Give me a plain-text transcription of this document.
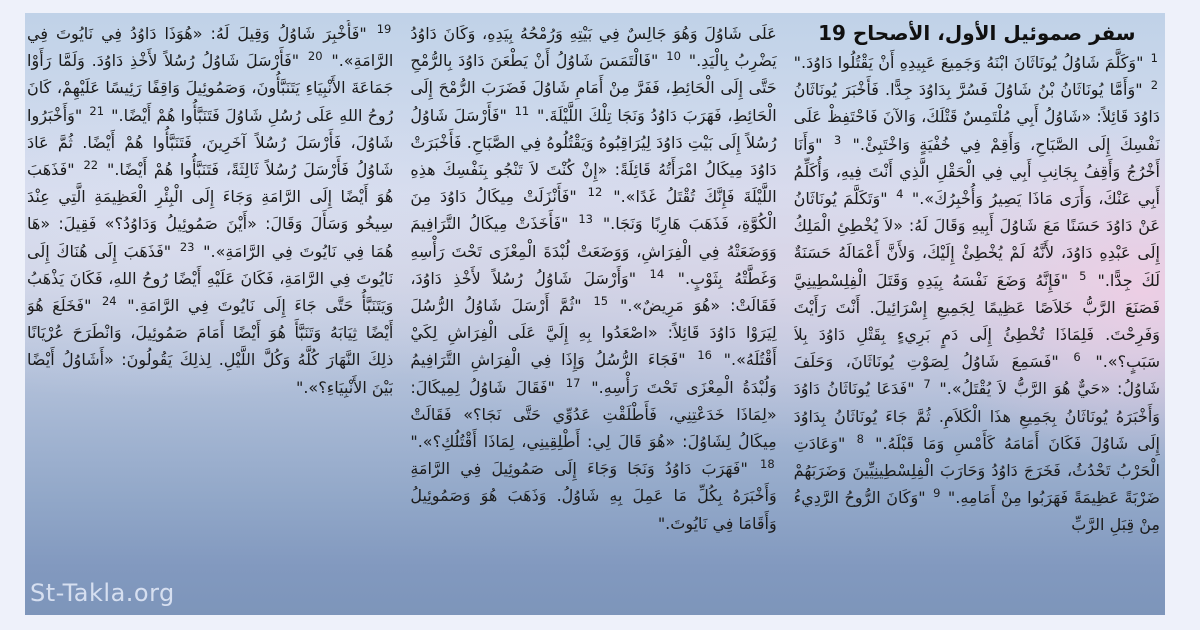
سفر صموئيل الأول، الأصحاح 19
$^1$ "وَكَلَّمَ شَاوُلُ يُونَاثَانَ ابْنَهُ وَجَمِيعَ عَبِيدِهِ أَنْ يَقْتُلُوا دَاوُدَ." $^2$ "وَأَمَّا يُونَاثَانُ بْنُ شَاوُلَ فَسُرَّ بِدَاوُدَ جِدًّا. فَأَخْبَرَ يُونَاثَانُ دَاوُدَ قَائِلاً: «شَاوُلُ أَبِي مُلْتَمِسٌ قَتْلَكَ، وَالآنَ فَاحْتَفِظْ عَلَى نَفْسِكَ إِلَى الصَّبَاحِ، وَأَقِمْ فِي خُفْيَةٍ وَاخْتَبِئْ." $^3$ "وَأَنَا أَخْرُجُ وَأَقِفُ بِجَانِبِ أَبِي فِي الْحَقْلِ الَّذِي أَنْتَ فِيهِ، وَأُكَلِّمُ أَبِي عَنْكَ، وَأَرَى مَاذَا يَصِيرُ وَأُخْبِرُكَ»." $^4$ "وَتَكَلَّمَ يُونَاثَانُ عَنْ دَاوُدَ حَسَنًا مَعَ شَاوُلَ أَبِيهِ وَقَالَ لَهُ: «لاَ يُخْطِئِ الْمَلِكُ إِلَى عَبْدِهِ دَاوُدَ، لأَنَّهُ لَمْ يُخْطِئْ إِلَيْكَ، وَلأَنَّ أَعْمَالَهُ حَسَنَةٌ لَكَ جِدًّا." $^5$ "فَإِنَّهُ وَضَعَ نَفْسَهُ بِيَدِهِ وَقَتَلَ الْفِلِسْطِينِيَّ فَصَنَعَ الرَّبُّ خَلاَصًا عَظِيمًا لِجَمِيعِ إِسْرَائِيلَ. أَنْتَ رَأَيْتَ وَفَرِحْتَ. فَلِمَاذَا تُخْطِئُ إِلَى دَمٍ بَرِيءٍ بِقَتْلِ دَاوُدَ بِلاَ سَبَبٍ؟»." $^6$ "فَسَمِعَ شَاوُلُ لِصَوْتِ يُونَاثَانَ، وَحَلَفَ شَاوُلُ: «حَيٌّ هُوَ الرَّبُّ لاَ يُقْتَلُ»." $^7$ "فَدَعَا يُونَاثَانُ دَاوُدَ وَأَخْبَرَهُ يُونَاثَانُ بِجَمِيعِ هذَا الْكَلاَمِ. ثُمَّ جَاءَ يُونَاثَانُ بِدَاوُدَ إِلَى شَاوُلَ فَكَانَ أَمَامَهُ كَأَمْسِ وَمَا قَبْلَهُ." $^8$ "وَعَادَتِ الْحَرْبُ تَحْدُثُ، فَخَرَجَ دَاوُدُ وَحَارَبَ الْفِلِسْطِينِيِّينَ وَضَرَبَهُمْ ضَرْبَةً عَظِيمَةً فَهَرَبُوا مِنْ أَمَامِهِ." $^9$ "وَكَانَ الرُّوحُ الرَّدِيءُ مِنْ قِبَلِ الرَّبِّ
عَلَى شَاوُلَ وَهُوَ جَالِسٌ فِي بَيْتِهِ وَرُمْحُهُ بِيَدِهِ، وَكَانَ دَاوُدُ يَضْرِبُ بِالْيَدِ." $^{10}$ "فَالْتَمَسَ شَاوُلُ أَنْ يَطْعَنَ دَاوُدَ بِالرُّمْحِ حَتَّى إِلَى الْحَائِطِ، فَفَرَّ مِنْ أَمَامِ شَاوُلَ فَضَرَبَ الرُّمْحَ إِلَى الْحَائِطِ، فَهَرَبَ دَاوُدُ وَنَجَا تِلْكَ اللَّيْلَةَ." $^{11}$ "فَأَرْسَلَ شَاوُلُ رُسُلاً إِلَى بَيْتِ دَاوُدَ لِيُرَاقِبُوهُ وَيَقْتُلُوهُ فِي الصَّبَاحِ. فَأَخْبَرَتْ دَاوُدَ مِيكَالُ امْرَأَتُهُ قَائِلَةً: «إِنْ كُنْتَ لاَ تَنْجُو بِنَفْسِكَ هذِهِ اللَّيْلَةَ فَإِنَّكَ تُقْتَلُ غَدًا»." $^{12}$ "فَأَنْزَلَتْ مِيكَالُ دَاوُدَ مِنَ الْكُوَّةِ، فَذَهَبَ هَارِبًا وَنَجَا." $^{13}$ "فَأَخَذَتْ مِيكَالُ التَّرَافِيمَ وَوَضَعَتْهُ فِي الْفِرَاشِ، وَوَضَعَتْ لُبْدَةَ الْمِعْزَى تَحْتَ رَأْسِهِ وَغَطَّتْهُ بِثَوْبٍ." $^{14}$ "وَأَرْسَلَ شَاوُلُ رُسُلاً لأَخْذِ دَاوُدَ، فَقَالَتْ: «هُوَ مَرِيضٌ»." $^{15}$ "ثُمَّ أَرْسَلَ شَاوُلُ الرُّسُلَ لِيَرَوْا دَاوُدَ قَائِلاً: «اصْعَدُوا بِهِ إِلَيَّ عَلَى الْفِرَاشِ لِكَيْ أَقْتُلَهُ»." $^{16}$ "فَجَاءَ الرُّسُلُ وَإِذَا فِي الْفِرَاشِ التَّرَافِيمُ وَلُبْدَةُ الْمِعْزَى تَحْتَ رَأْسِهِ." $^{17}$ "فَقَالَ شَاوُلُ لِمِيكَالَ: «لِمَاذَا خَدَعْتِنِي، فَأَطْلَقْتِ عَدُوِّي حَتَّى نَجَا؟» فَقَالَتْ مِيكَالُ لِشَاوُلَ: «هُوَ قَالَ لِي: أَطْلِقِينِي، لِمَاذَا أَقْتُلُكِ؟»." $^{18}$ "فَهَرَبَ دَاوُدُ وَنَجَا وَجَاءَ إِلَى صَمُوئِيلَ فِي الرَّامَةِ وَأَخْبَرَهُ بِكُلِّ مَا عَمِلَ بِهِ شَاوُلُ. وَذَهَبَ هُوَ وَصَمُوئِيلُ وَأَقَامَا فِي نَايُوتَ."
$^{19}$ "فَأُخْبِرَ شَاوُلُ وَقِيلَ لَهُ: «هُوَذَا دَاوُدُ فِي نَايُوتَ فِي الرَّامَةِ»." $^{20}$ "فَأَرْسَلَ شَاوُلُ رُسُلاً لأَخْذِ دَاوُدَ. وَلَمَّا رَأَوْا جَمَاعَةَ الأَنْبِيَاءِ يَتَنَبَّأُونَ، وَصَمُوئِيلَ وَاقِفًا رَئِيسًا عَلَيْهِمْ، كَانَ رُوحُ اللهِ عَلَى رُسُلِ شَاوُلَ فَتَنَبَّأُوا هُمْ أَيْضًا." $^{21}$ "وَأَخْبَرُوا شَاوُلَ، فَأَرْسَلَ رُسُلاً آخَرِينَ، فَتَنَبَّأُوا هُمْ أَيْضًا. ثُمَّ عَادَ شَاوُلُ فَأَرْسَلَ رُسُلاً ثَالِثَةً، فَتَنَبَّأُوا هُمْ أَيْضًا." $^{22}$ "فَذَهَبَ هُوَ أَيْضًا إِلَى الرَّامَةِ وَجَاءَ إِلَى الْبِئْرِ الْعَظِيمَةِ الَّتِي عِنْدَ سِيخُو وَسَأَلَ وَقَالَ: «أَيْنَ صَمُوئِيلُ وَدَاوُدُ؟» فَقِيلَ: «هَا هُمَا فِي نَايُوتَ فِي الرَّامَةِ»." $^{23}$ "فَذَهَبَ إِلَى هُنَاكَ إِلَى نَايُوتَ فِي الرَّامَةِ، فَكَانَ عَلَيْهِ أَيْضًا رُوحُ اللهِ، فَكَانَ يَذْهَبُ وَيَتَنَبَّأُ حَتَّى جَاءَ إِلَى نَايُوتَ فِي الرَّامَةِ." $^{24}$ "فَخَلَعَ هُوَ أَيْضًا ثِيَابَهُ وَتَنَبَّأَ هُوَ أَيْضًا أَمَامَ صَمُوئِيلَ، وَانْطَرَحَ عُرْيَانًا ذلِكَ النَّهَارَ كُلَّهُ وَكُلَّ اللَّيْلِ. لِذلِكَ يَقُولُونَ: «أَشَاوُلُ أَيْضًا بَيْنَ الأَنْبِيَاءِ؟»."
St-Takla.org
